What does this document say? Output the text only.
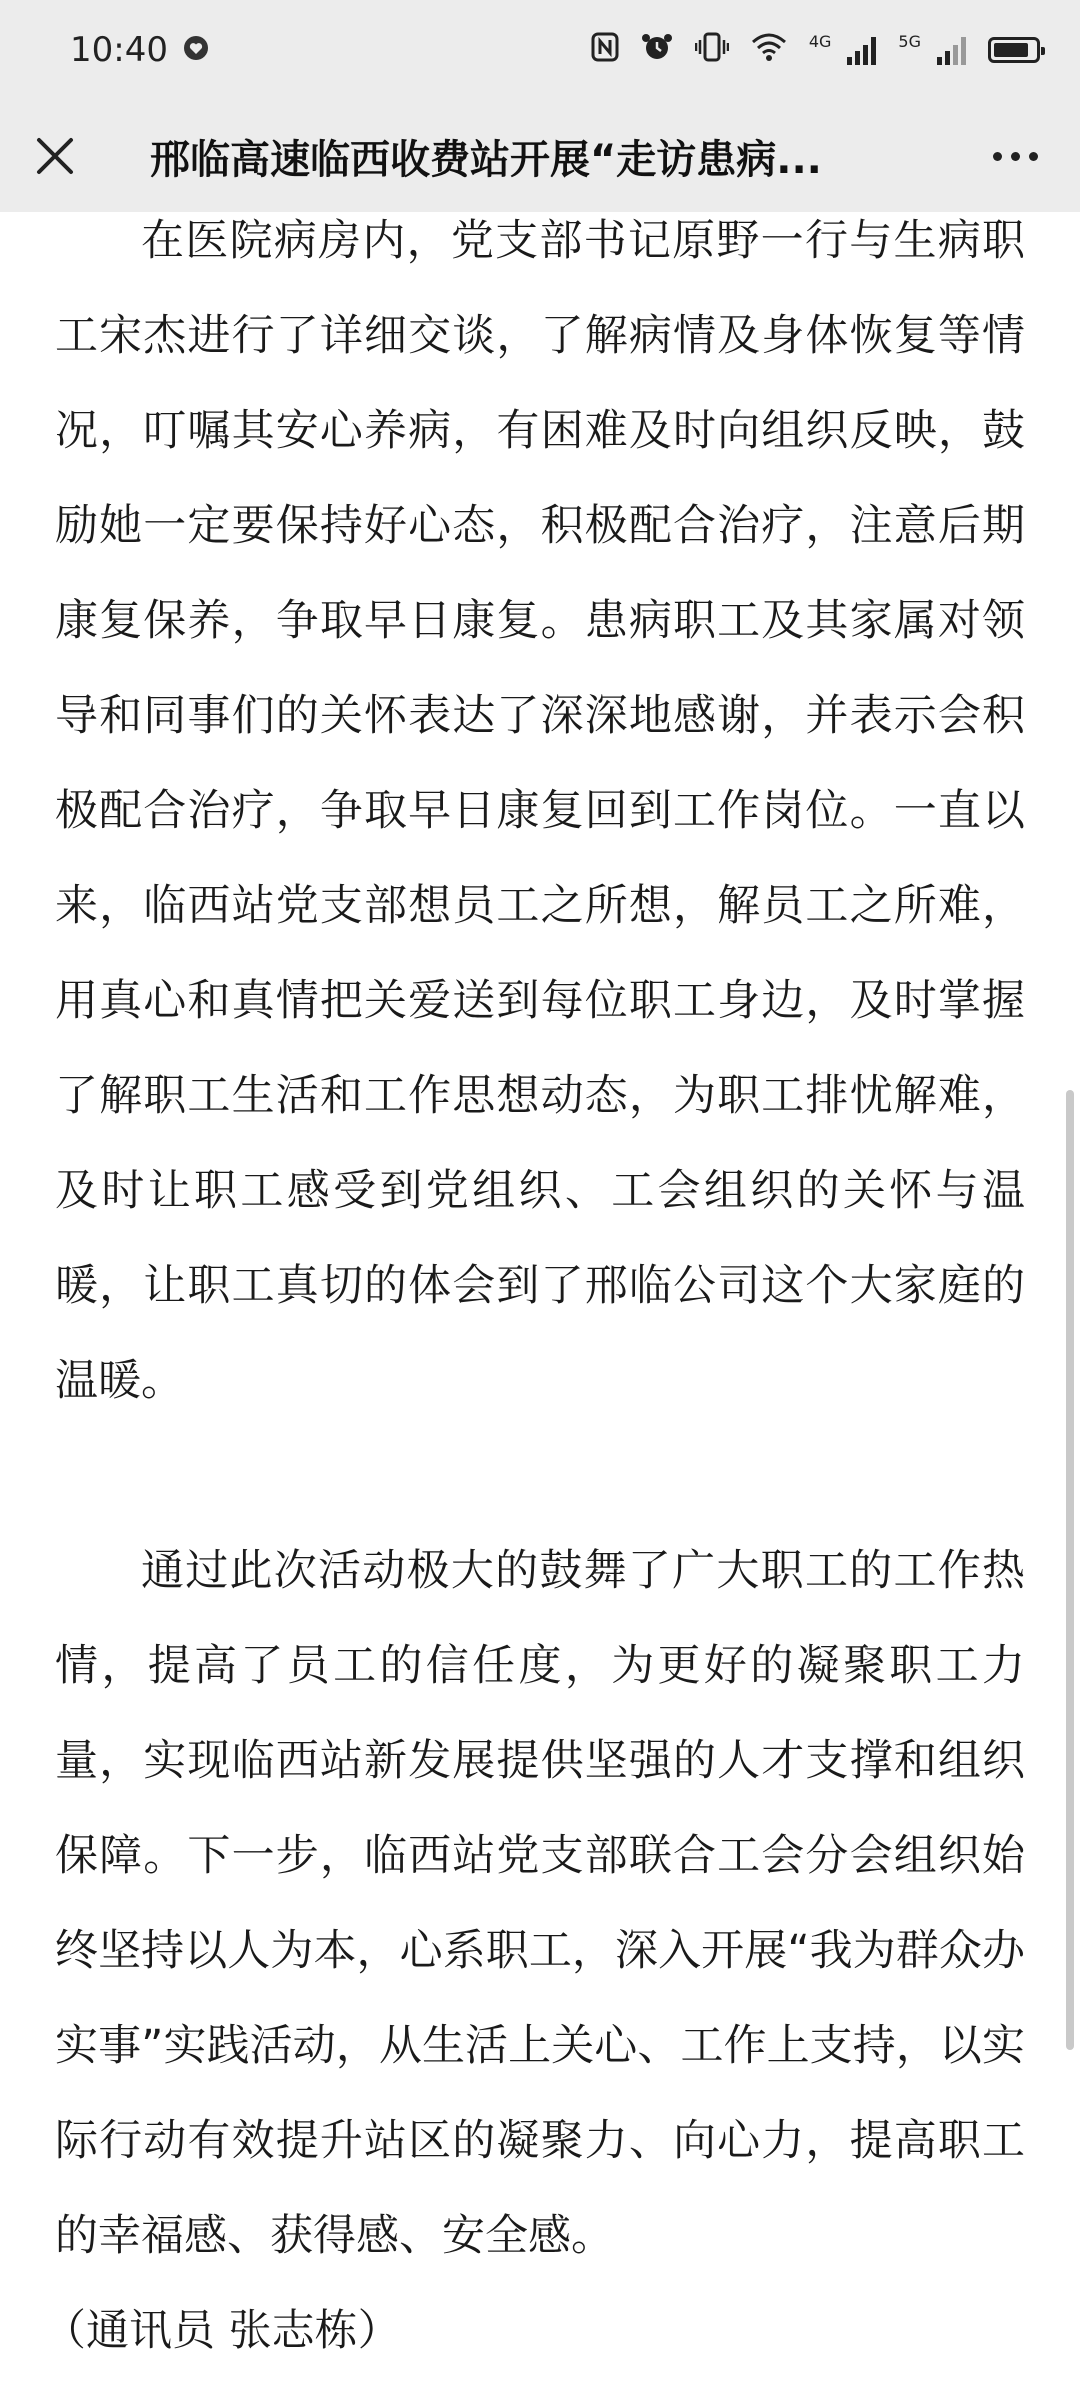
10:40	4G	5G
邢临高速临西收费站开展“走访患病...

在医院病房内，党支部书记原野一行与生病职工宋杰进行了详细交谈，了解病情及身体恢复等情况，叮嘱其安心养病，有困难及时向组织反映，鼓励她一定要保持好心态，积极配合治疗，注意后期康复保养，争取早日康复。患病职工及其家属对领导和同事们的关怀表达了深深地感谢，并表示会积极配合治疗，争取早日康复回到工作岗位。一直以来，临西站党支部想员工之所想，解员工之所难，用真心和真情把关爱送到每位职工身边，及时掌握了解职工生活和工作思想动态，为职工排忧解难，及时让职工感受到党组织、工会组织的关怀与温暖，让职工真切的体会到了邢临公司这个大家庭的温暖。

通过此次活动极大的鼓舞了广大职工的工作热情，提高了员工的信任度，为更好的凝聚职工力量，实现临西站新发展提供坚强的人才支撑和组织保障。下一步，临西站党支部联合工会分会组织始终坚持以人为本，心系职工，深入开展“我为群众办实事”实践活动，从生活上关心、工作上支持，以实际行动有效提升站区的凝聚力、向心力，提高职工的幸福感、获得感、安全感。

（通讯员 张志栋）
